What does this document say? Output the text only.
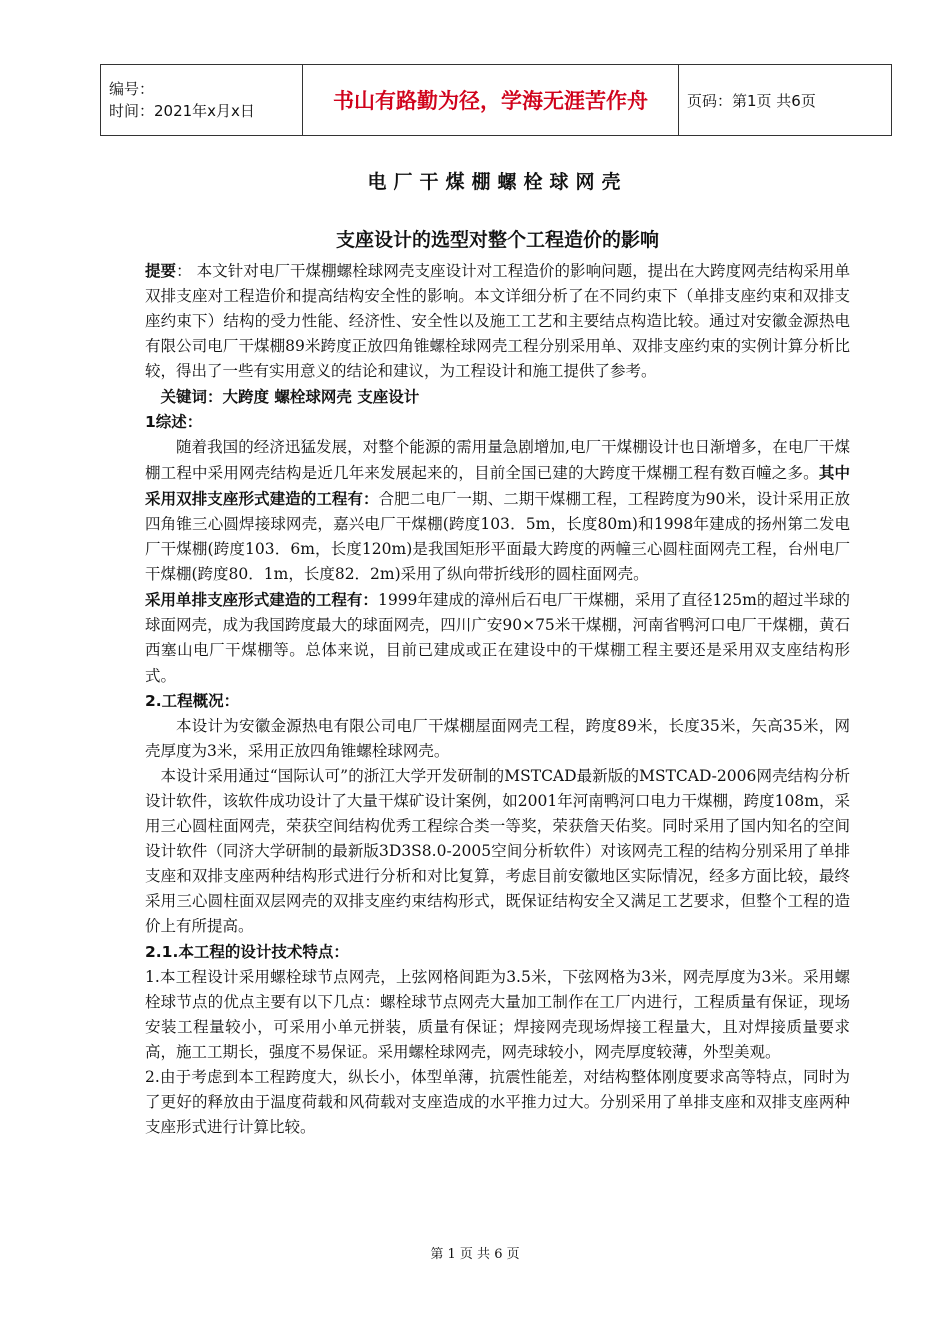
编号：
时间：2021年x月x日	书山有路勤为径，学海无涯苦作舟	页码：第1页 共6页
电厂干煤棚螺栓球网壳
支座设计的选型对整个工程造价的影响

提要： 本文针对电厂干煤棚螺栓球网壳支座设计对工程造价的影响问题，提出在大跨度网壳结构采用单双排支座对工程造价和提高结构安全性的影响。本文详细分析了在不同约束下（单排支座约束和双排支座约束下）结构的受力性能、经济性、安全性以及施工工艺和主要结点构造比较。通过对安徽金源热电有限公司电厂干煤棚89米跨度正放四角锥螺栓球网壳工程分别采用单、双排支座约束的实例计算分析比较，得出了一些有实用意义的结论和建议，为工程设计和施工提供了参考。

关键词：大跨度 螺栓球网壳 支座设计

1综述：

随着我国的经济迅猛发展，对整个能源的需用量急剧增加,电厂干煤棚设计也日渐增多，在电厂干煤棚工程中采用网壳结构是近几年来发展起来的，目前全国已建的大跨度干煤棚工程有数百幢之多。其中采用双排支座形式建造的工程有：合肥二电厂一期、二期干煤棚工程，工程跨度为90米，设计采用正放四角锥三心圆焊接球网壳，嘉兴电厂干煤棚(跨度103．5m，长度80m)和1998年建成的扬州第二发电厂干煤棚(跨度103．6m，长度120m)是我国矩形平面最大跨度的两幢三心圆柱面网壳工程，台州电厂干煤棚(跨度80．1m，长度82．2m)采用了纵向带折线形的圆柱面网壳。

采用单排支座形式建造的工程有：1999年建成的漳州后石电厂干煤棚，采用了直径125m的超过半球的球面网壳，成为我国跨度最大的球面网壳，四川广安90×75米干煤棚，河南省鸭河口电厂干煤棚，黄石西塞山电厂干煤棚等。总体来说，目前已建成或正在建设中的干煤棚工程主要还是采用双支座结构形式。

2.工程概况：

本设计为安徽金源热电有限公司电厂干煤棚屋面网壳工程，跨度89米，长度35米，矢高35米，网壳厚度为3米，采用正放四角锥螺栓球网壳。

本设计采用通过“国际认可”的浙江大学开发研制的MSTCAD最新版的MSTCAD-2006网壳结构分析设计软件，该软件成功设计了大量干煤矿设计案例，如2001年河南鸭河口电力干煤棚，跨度108m，采用三心圆柱面网壳，荣获空间结构优秀工程综合类一等奖，荣获詹天佑奖。同时采用了国内知名的空间设计软件（同济大学研制的最新版3D3S8.0-2005空间分析软件）对该网壳工程的结构分别采用了单排支座和双排支座两种结构形式进行分析和对比复算，考虑目前安徽地区实际情况，经多方面比较，最终采用三心圆柱面双层网壳的双排支座约束结构形式，既保证结构安全又满足工艺要求，但整个工程的造价上有所提高。

2.1.本工程的设计技术特点：

1.本工程设计采用螺栓球节点网壳，上弦网格间距为3.5米，下弦网格为3米，网壳厚度为3米。采用螺栓球节点的优点主要有以下几点：螺栓球节点网壳大量加工制作在工厂内进行，工程质量有保证，现场安装工程量较小，可采用小单元拼装，质量有保证；焊接网壳现场焊接工程量大，且对焊接质量要求高，施工工期长，强度不易保证。采用螺栓球网壳，网壳球较小，网壳厚度较薄，外型美观。

2.由于考虑到本工程跨度大，纵长小，体型单薄，抗震性能差，对结构整体刚度要求高等特点，同时为了更好的释放由于温度荷载和风荷载对支座造成的水平推力过大。分别采用了单排支座和双排支座两种支座形式进行计算比较。

第 1 页 共 6 页
